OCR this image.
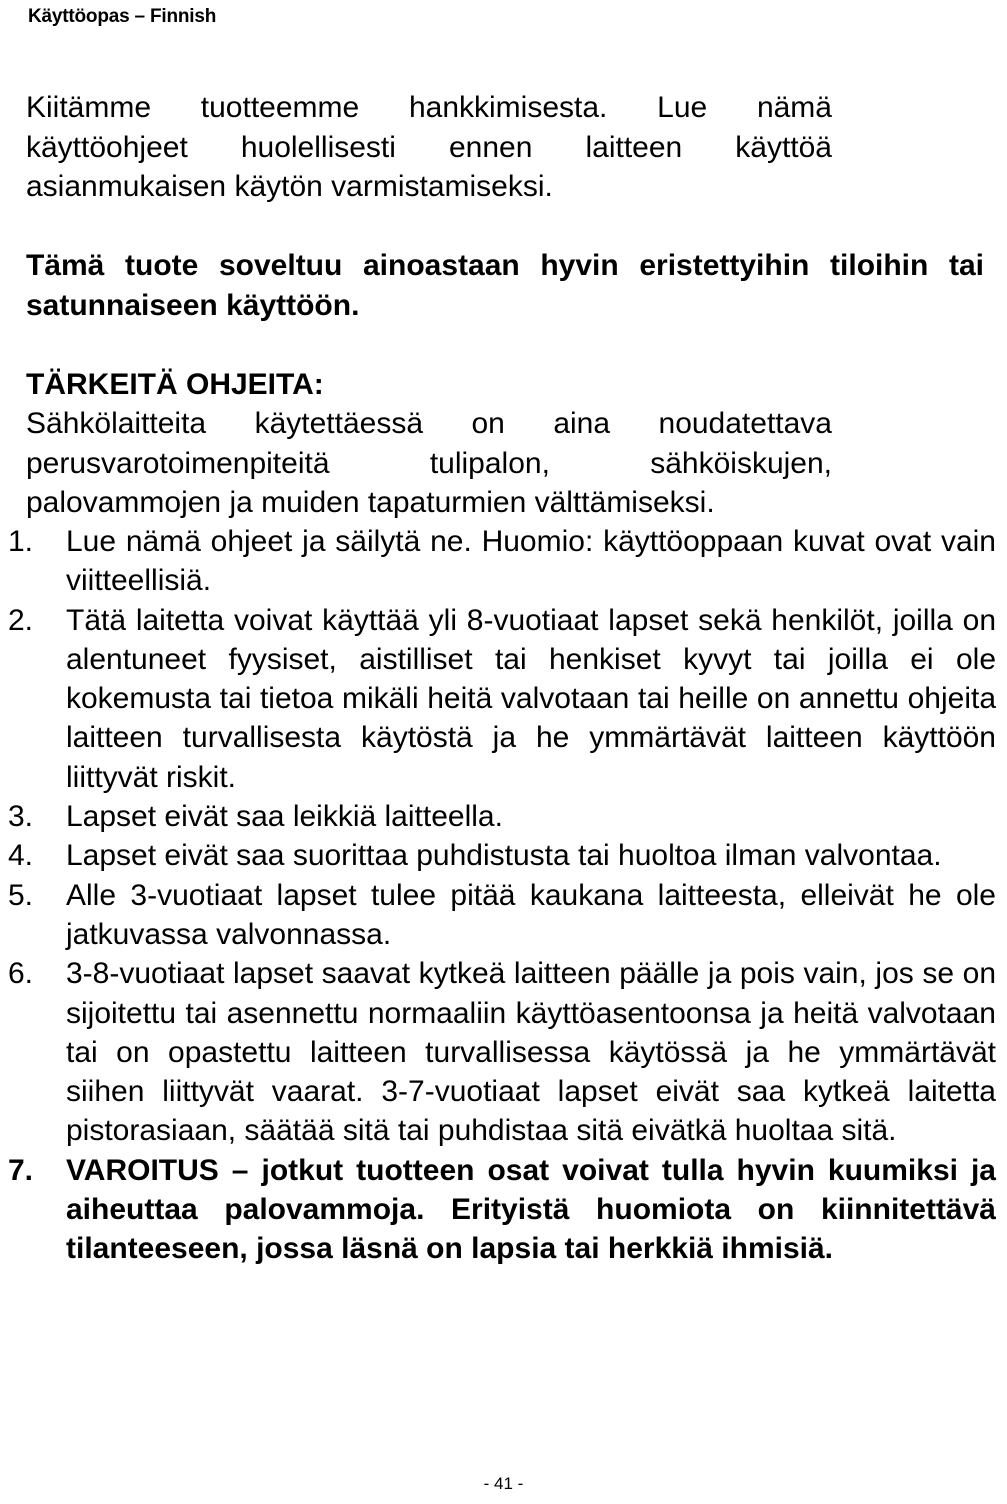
Käyttöopas – Finnish

Kiitämme tuotteemme hankkimisesta. Lue nämä käyttöohjeet huolellisesti ennen laitteen käyttöä asianmukaisen käytön varmistamiseksi.

Tämä tuote soveltuu ainoastaan hyvin eristettyihin tiloihin tai satunnaiseen käyttöön.

TÄRKEITÄ OHJEITA:

Sähkölaitteita käytettäessä on aina noudatettava perusvarotoimenpiteitä tulipalon, sähköiskujen, palovammojen ja muiden tapaturmien välttämiseksi.

1. Lue nämä ohjeet ja säilytä ne. Huomio: käyttöoppaan kuvat ovat vain viitteellisiä.
2. Tätä laitetta voivat käyttää yli 8-vuotiaat lapset sekä henkilöt, joilla on alentuneet fyysiset, aistilliset tai henkiset kyvyt tai joilla ei ole kokemusta tai tietoa mikäli heitä valvotaan tai heille on annettu ohjeita laitteen turvallisesta käytöstä ja he ymmärtävät laitteen käyttöön liittyvät riskit.
3. Lapset eivät saa leikkiä laitteella.
4. Lapset eivät saa suorittaa puhdistusta tai huoltoa ilman valvontaa.
5. Alle 3-vuotiaat lapset tulee pitää kaukana laitteesta, elleivät he ole jatkuvassa valvonnassa.
6. 3-8-vuotiaat lapset saavat kytkeä laitteen päälle ja pois vain, jos se on sijoitettu tai asennettu normaaliin käyttöasentoonsa ja heitä valvotaan tai on opastettu laitteen turvallisessa käytössä ja he ymmärtävät siihen liittyvät vaarat. 3-7-vuotiaat lapset eivät saa kytkeä laitetta pistorasiaan, säätää sitä tai puhdistaa sitä eivätkä huoltaa sitä.
7. VAROITUS – jotkut tuotteen osat voivat tulla hyvin kuumiksi ja aiheuttaa palovammoja. Erityistä huomiota on kiinnitettävä tilanteeseen, jossa läsnä on lapsia tai herkkiä ihmisiä.
- 41 -
